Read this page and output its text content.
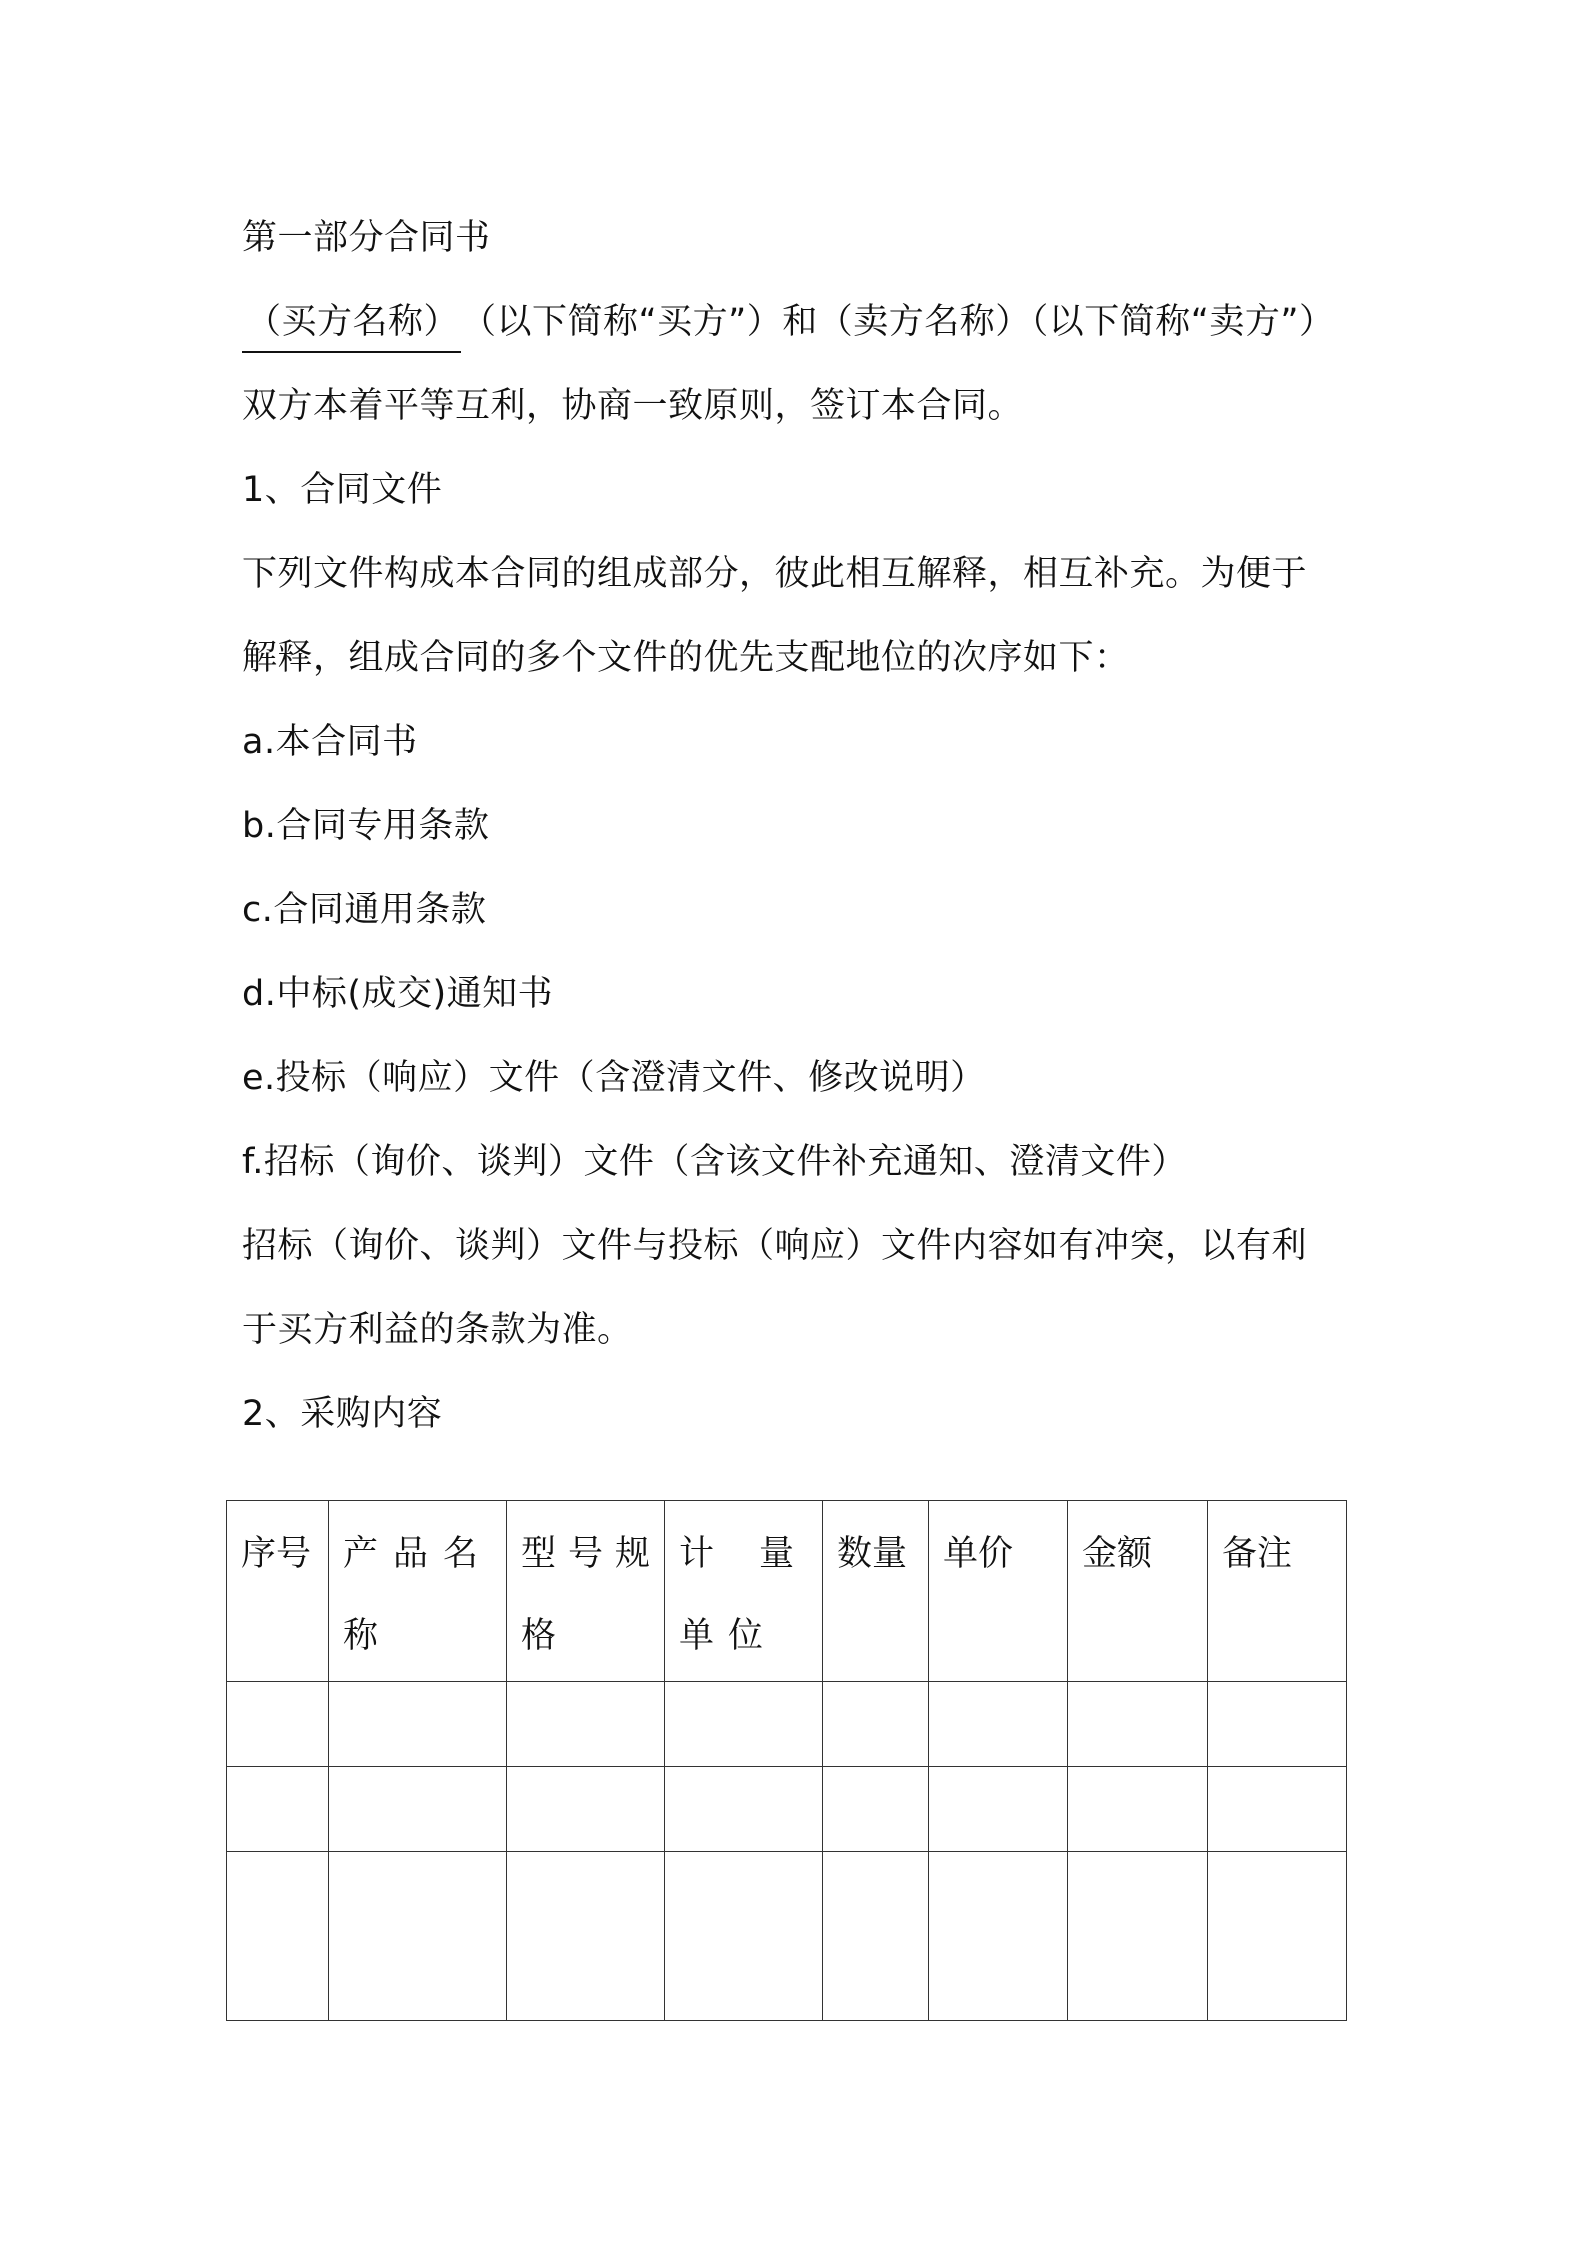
第一部分合同书
（买方名称）（以下简称“买方”）和（卖方名称）（以下简称“卖方”）
双方本着平等互利，协商一致原则，签订本合同。
1、合同文件
下列文件构成本合同的组成部分，彼此相互解释，相互补充。为便于
解释，组成合同的多个文件的优先支配地位的次序如下：
a.本合同书
b.合同专用条款
c.合同通用条款
d.中标(成交)通知书
e.投标（响应）文件（含澄清文件、修改说明）
f.招标（询价、谈判）文件（含该文件补充通知、澄清文件）
招标（询价、谈判）文件与投标（响应）文件内容如有冲突，以有利
于买方利益的条款为准。
2、采购内容
序号	产品名称	型号规格	计量单位	数量	单价	金额	备注
